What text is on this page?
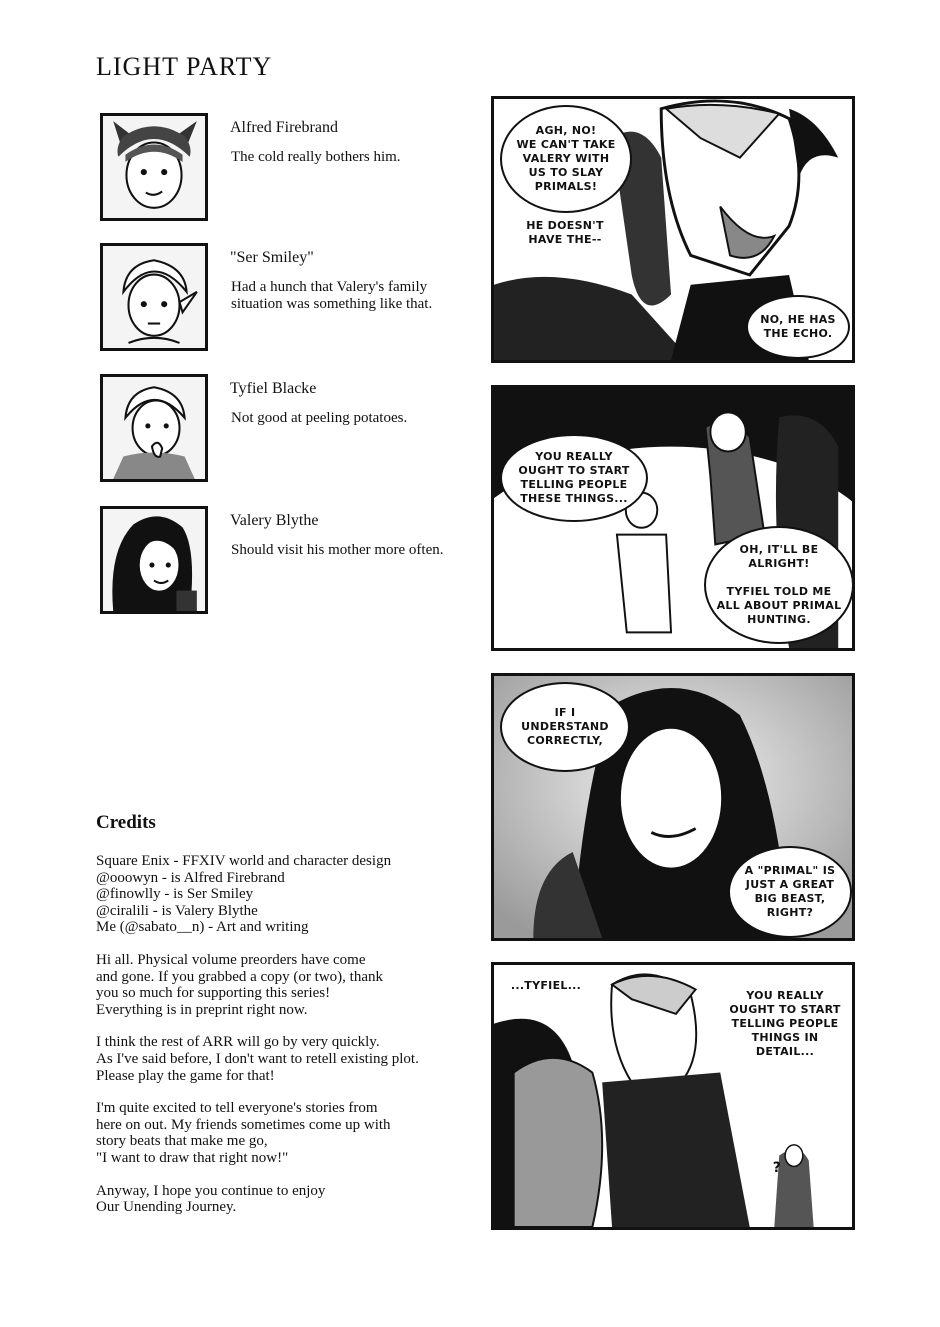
LIGHT PARTY
Alfred Firebrand
The cold really bothers him.
"Ser Smiley"
Had a hunch that Valery's family situation was something like that.
Tyfiel Blacke
Not good at peeling potatoes.
Valery Blythe
Should visit his mother more often.
Credits
Square Enix - FFXIV world and character design
@ooowyn - is Alfred Firebrand
@finowlly - is Ser Smiley
@ciralili - is Valery Blythe
Me (@sabato__n) - Art and writing
Hi all. Physical volume preorders have come
and gone. If you grabbed a copy (or two), thank
you so much for supporting this series!
Everything is in preprint right now.
I think the rest of ARR will go by very quickly.
As I've said before, I don't want to retell existing plot.
Please play the game for that!
I'm quite excited to tell everyone's stories from
here on out. My friends sometimes come up with
story beats that make me go,
"I want to draw that right now!"
Anyway, I hope you continue to enjoy
Our Unending Journey.
AGH, NO!
WE CAN'T TAKE
VALERY WITH
US TO SLAY
PRIMALS!
HE DOESN'T
HAVE THE--
NO, HE HAS
THE ECHO.
...OH, OKAY.
YOU REALLY
OUGHT TO START
TELLING PEOPLE
THESE THINGS...
OH, IT'LL BE
ALRIGHT!

TYFIEL TOLD ME
ALL ABOUT PRIMAL
HUNTING.
IF I
UNDERSTAND
CORRECTLY,
A "PRIMAL" IS
JUST A GREAT
BIG BEAST,
RIGHT?
...TYFIEL...
YOU REALLY
OUGHT TO START
TELLING PEOPLE
THINGS IN
DETAIL...
?
